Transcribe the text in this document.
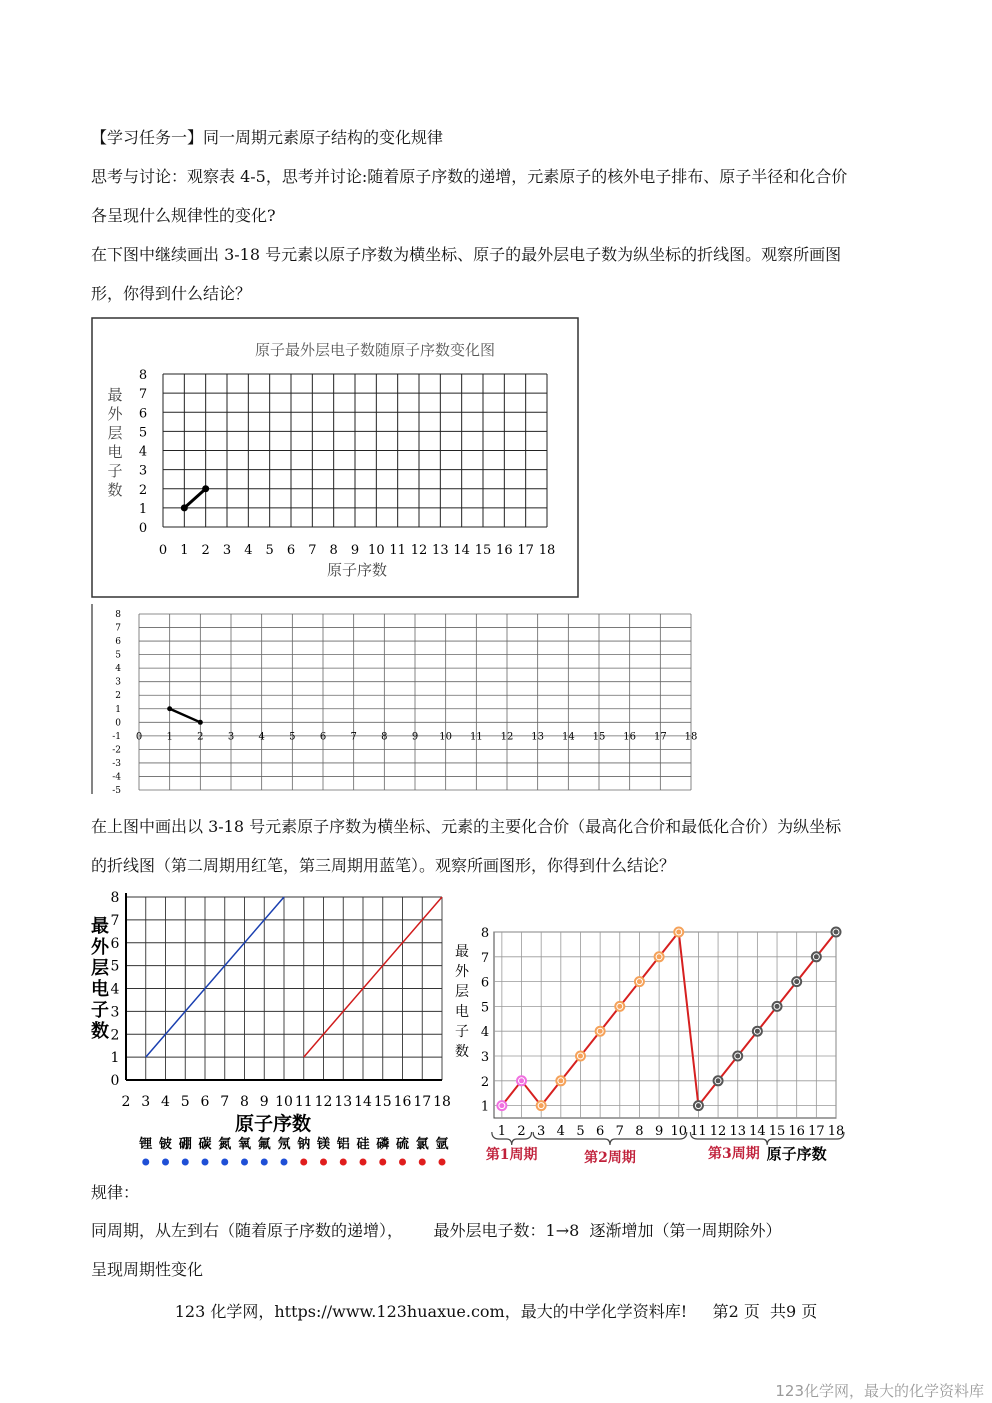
【学习任务一】同一周期元素原子结构的变化规律
思考与讨论：观察表 4-5，思考并讨论:随着原子序数的递增，元素原子的核外电子排布、原子半径和化合价
各呈现什么规律性的变化?
在下图中继续画出 3-18 号元素以原子序数为横坐标、原子的最外层电子数为纵坐标的折线图。观察所画图
形，你得到什么结论？
原子最外层电子数随原子序数变化图
0
1
2
3
4
5
6
7
8
0 1 2 3 4 5 6 7 8 9 10 11 12 13 14 15 16 17 18
最
外
层
电
子
数
原子序数
8
7
6
5
4
3
2
1
0
-1
-2
-3
-4
-5
0 1 2 3 4 5 6 7 8 9 10 11 12 13 14 15 16 17 18
在上图中画出以 3-18 号元素原子序数为横坐标、元素的主要化合价（最高化合价和最低化合价）为纵坐标
的折线图（第二周期用红笔，第三周期用蓝笔）。观察所画图形，你得到什么结论？
0
1
2
3
4
5
6
7
8
2 3 4 5 6 7 8 9 10 11 12 13 14 15 16 17 18
最
外
层
电
子
数
原子序数
锂 铍 硼 碳 氮 氧 氟 氖 钠 镁 铝 硅 磷 硫 氯 氩
1
2
3
4
5
6
7
8
1 2 3 4 5 6 7 8 9 10 11 12 13 14 15 16 17 18
最
外
层
电
子
数
第1周期	第2周期	第3周期 原子序数
规律：
同周期，从左到右（随着原子序数的递增），      最外层电子数：1→8  逐渐增加（第一周期除外）
呈现周期性变化
123 化学网，https://www.123huaxue.com，最大的中学化学资料库!     第2 页  共9 页
123化学网，最大的化学资料库
